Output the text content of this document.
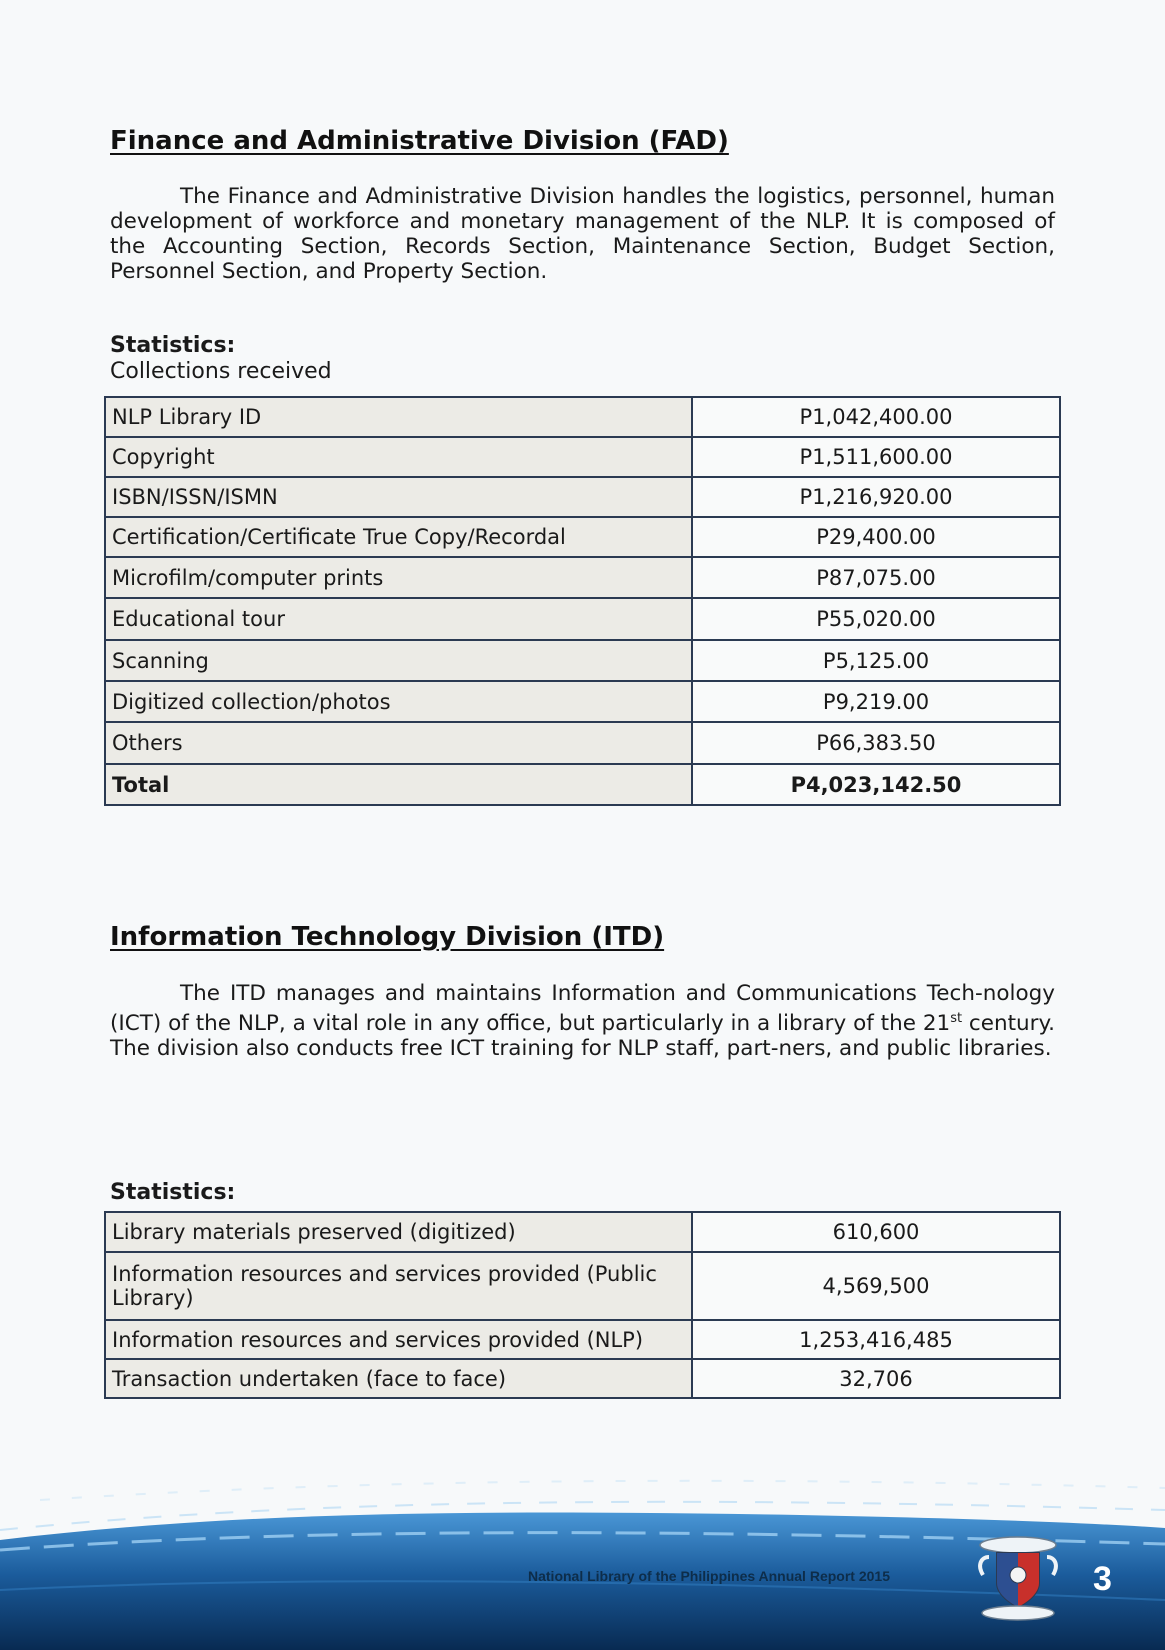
Finance and Administrative Division (FAD)

The Finance and Administrative Division handles the logistics, personnel, human development of workforce and monetary management of the NLP. It is composed of the Accounting Section, Records Section, Maintenance Section, Budget Section, Personnel Section, and Property Section.

Statistics:

Collections received

NLP Library ID	P1,042,400.00
Copyright	P1,511,600.00
ISBN/ISSN/ISMN	P1,216,920.00
Certification/Certificate True Copy/Recordal	P29,400.00
Microfilm/computer prints	P87,075.00
Educational tour	P55,020.00
Scanning	P5,125.00
Digitized collection/photos	P9,219.00
Others	P66,383.50
Total	P4,023,142.50
Information Technology Division (ITD)

The ITD manages and maintains Information and Communications Tech-nology (ICT) of the NLP, a vital role in any office, but particularly in a library of the 21st century. The division also conducts free ICT training for NLP staff, part-ners, and public libraries.

Statistics:

Library materials preserved (digitized)	610,600
Information resources and services provided (Public Library)	4,569,500
Information resources and services provided (NLP)	1,253,416,485
Transaction undertaken (face to face)	32,706

National Library of the Philippines Annual Report 2015	3
